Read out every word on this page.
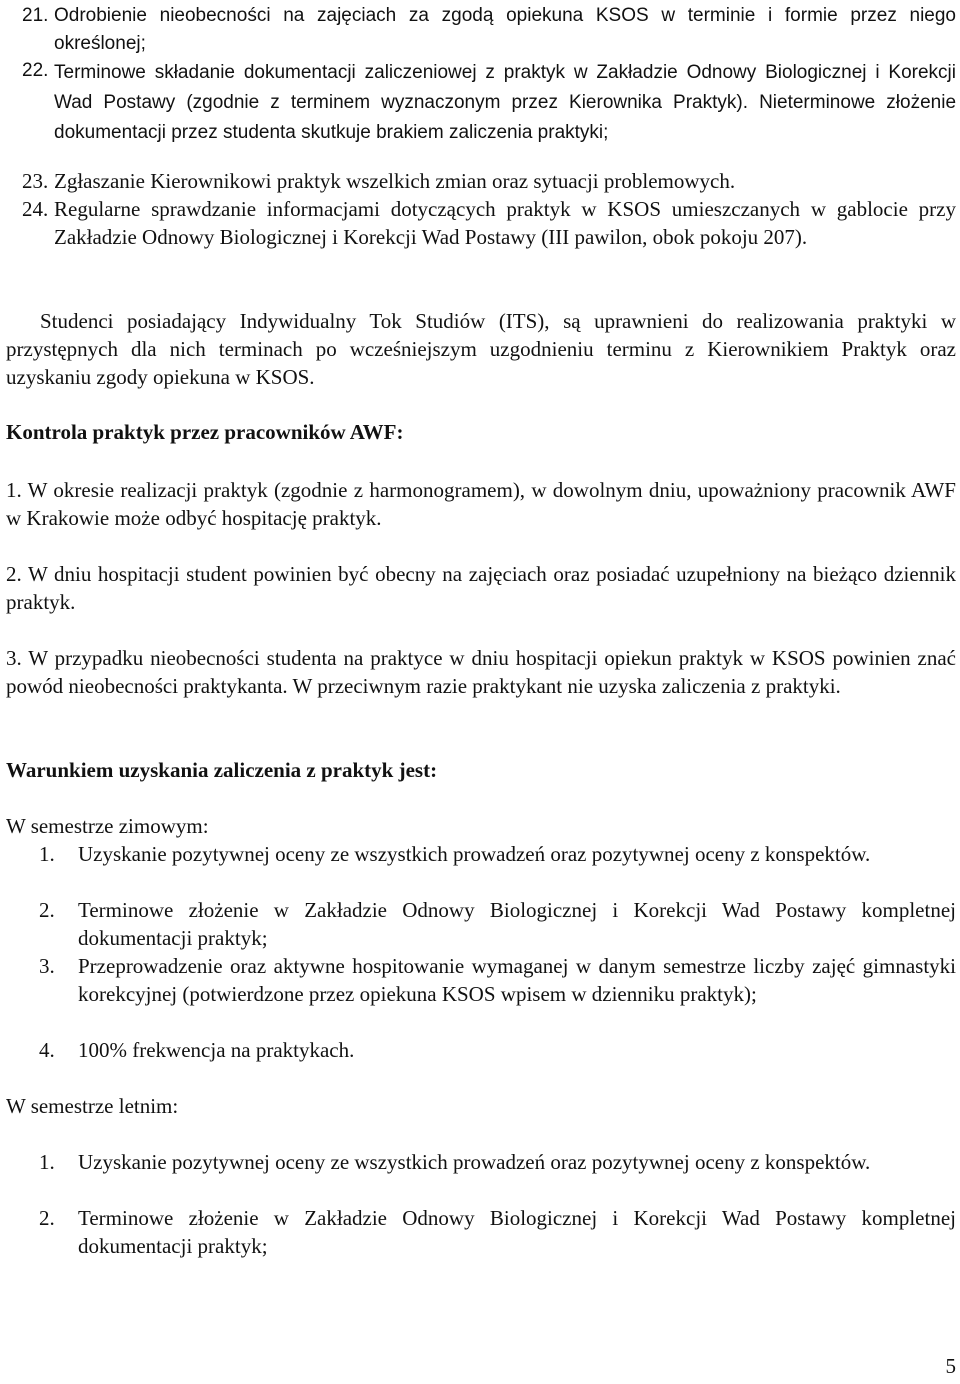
21. Odrobienie nieobecności na zajęciach za zgodą opiekuna KSOS w terminie i formie przez niego określonej;
22. Terminowe składanie dokumentacji zaliczeniowej z praktyk w Zakładzie Odnowy Biologicznej i Korekcji Wad Postawy (zgodnie z terminem wyznaczonym przez Kierownika Praktyk). Nieterminowe złożenie dokumentacji przez studenta skutkuje brakiem zaliczenia praktyki;
23. Zgłaszanie Kierownikowi praktyk wszelkich zmian oraz sytuacji problemowych.
24. Regularne sprawdzanie informacjami dotyczących praktyk w KSOS umieszczanych w gablocie przy Zakładzie Odnowy Biologicznej i Korekcji Wad Postawy (III pawilon, obok pokoju 207).
Studenci posiadający Indywidualny Tok Studiów (ITS), są uprawnieni do realizowania praktyki w przystępnych dla nich terminach po wcześniejszym uzgodnieniu terminu z Kierownikiem Praktyk oraz uzyskaniu zgody opiekuna w KSOS.
Kontrola praktyk przez pracowników AWF:
1. W okresie realizacji praktyk (zgodnie z harmonogramem), w dowolnym dniu, upoważniony pracownik AWF w Krakowie może odbyć hospitację praktyk.
2. W dniu hospitacji student powinien być obecny na zajęciach oraz posiadać uzupełniony na bieżąco dziennik praktyk.
3. W przypadku nieobecności studenta na praktyce w dniu hospitacji opiekun praktyk w KSOS powinien znać powód nieobecności praktykanta. W przeciwnym razie praktykant nie uzyska zaliczenia z praktyki.
Warunkiem uzyskania zaliczenia z praktyk jest:
W semestrze zimowym:
1. Uzyskanie pozytywnej oceny ze wszystkich prowadzeń oraz pozytywnej oceny z konspektów.
2. Terminowe złożenie w Zakładzie Odnowy Biologicznej i Korekcji Wad Postawy kompletnej dokumentacji praktyk;
3. Przeprowadzenie oraz aktywne hospitowanie wymaganej w danym semestrze liczby zajęć gimnastyki korekcyjnej (potwierdzone przez opiekuna KSOS wpisem w dzienniku praktyk);
4. 100% frekwencja na praktykach.
W semestrze letnim:
1. Uzyskanie pozytywnej oceny ze wszystkich prowadzeń oraz pozytywnej oceny z konspektów.
2. Terminowe złożenie w Zakładzie Odnowy Biologicznej i Korekcji Wad Postawy kompletnej dokumentacji praktyk;
5
